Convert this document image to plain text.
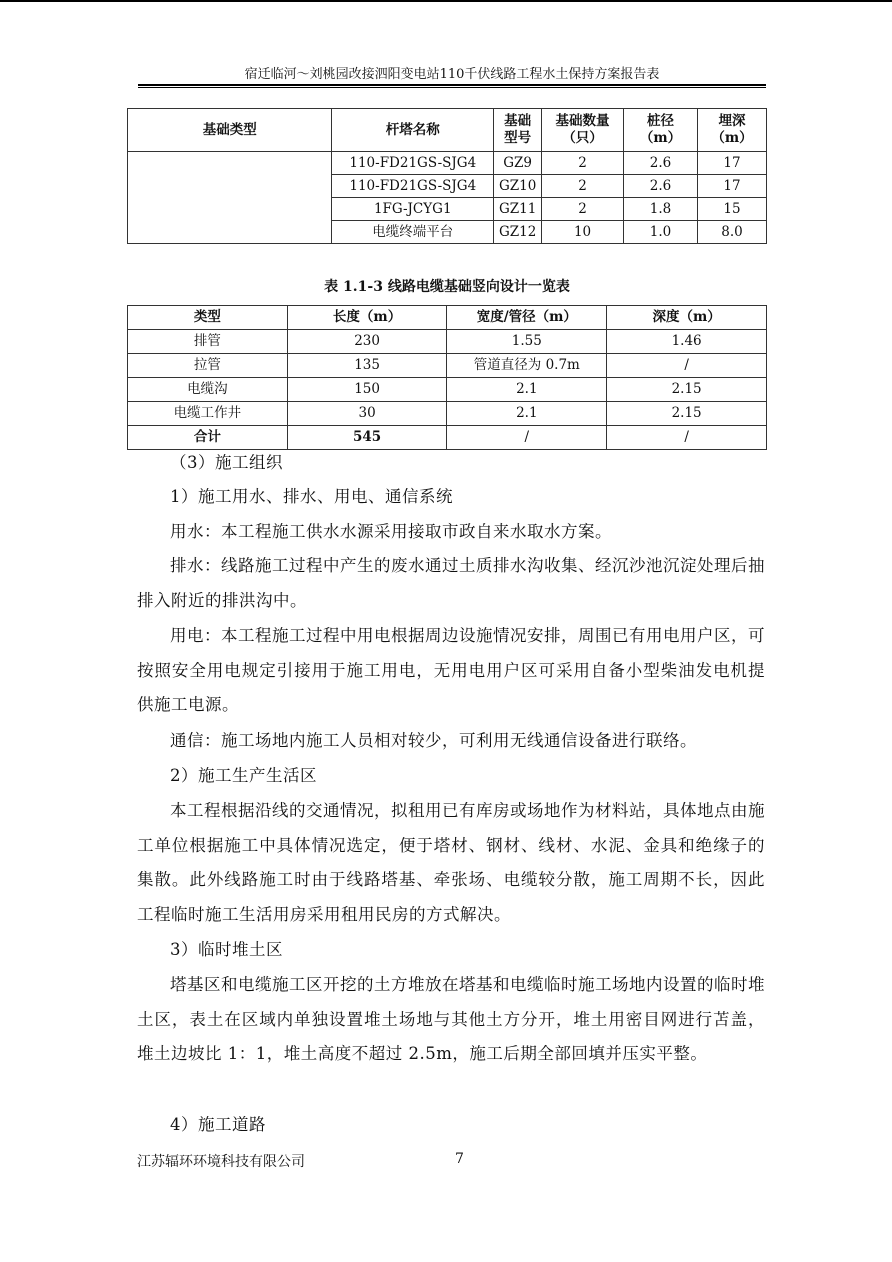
宿迁临河～刘桃园改接泗阳变电站110千伏线路工程水土保持方案报告表
基础类型	杆塔名称	基础型号	基础数量（只）	桩径（m）	埋深（m）
	110-FD21GS-SJG4	GZ9	2	2.6	17
	110-FD21GS-SJG4	GZ10	2	2.6	17
	1FG-JCYG1	GZ11	2	1.8	15
	电缆终端平台	GZ12	10	1.0	8.0
表 1.1-3 线路电缆基础竖向设计一览表
类型	长度（m）	宽度/管径（m）	深度（m）
排管	230	1.55	1.46
拉管	135	管道直径为 0.7m	/
电缆沟	150	2.1	2.15
电缆工作井	30	2.1	2.15
合计	545	/	/

（3）施工组织

1）施工用水、排水、用电、通信系统

用水：本工程施工供水水源采用接取市政自来水取水方案。

排水：线路施工过程中产生的废水通过土质排水沟收集、经沉沙池沉淀处理后抽排入附近的排洪沟中。

用电：本工程施工过程中用电根据周边设施情况安排，周围已有用电用户区，可按照安全用电规定引接用于施工用电，无用电用户区可采用自备小型柴油发电机提供施工电源。

通信：施工场地内施工人员相对较少，可利用无线通信设备进行联络。

2）施工生产生活区

本工程根据沿线的交通情况，拟租用已有库房或场地作为材料站，具体地点由施工单位根据施工中具体情况选定，便于塔材、钢材、线材、水泥、金具和绝缘子的集散。此外线路施工时由于线路塔基、牵张场、电缆较分散，施工周期不长，因此工程临时施工生活用房采用租用民房的方式解决。

3）临时堆土区

塔基区和电缆施工区开挖的土方堆放在塔基和电缆临时施工场地内设置的临时堆土区，表土在区域内单独设置堆土场地与其他土方分开，堆土用密目网进行苫盖，堆土边坡比 1：1，堆土高度不超过 2.5m，施工后期全部回填并压实平整。

4）施工道路

江苏辐环环境科技有限公司	7
